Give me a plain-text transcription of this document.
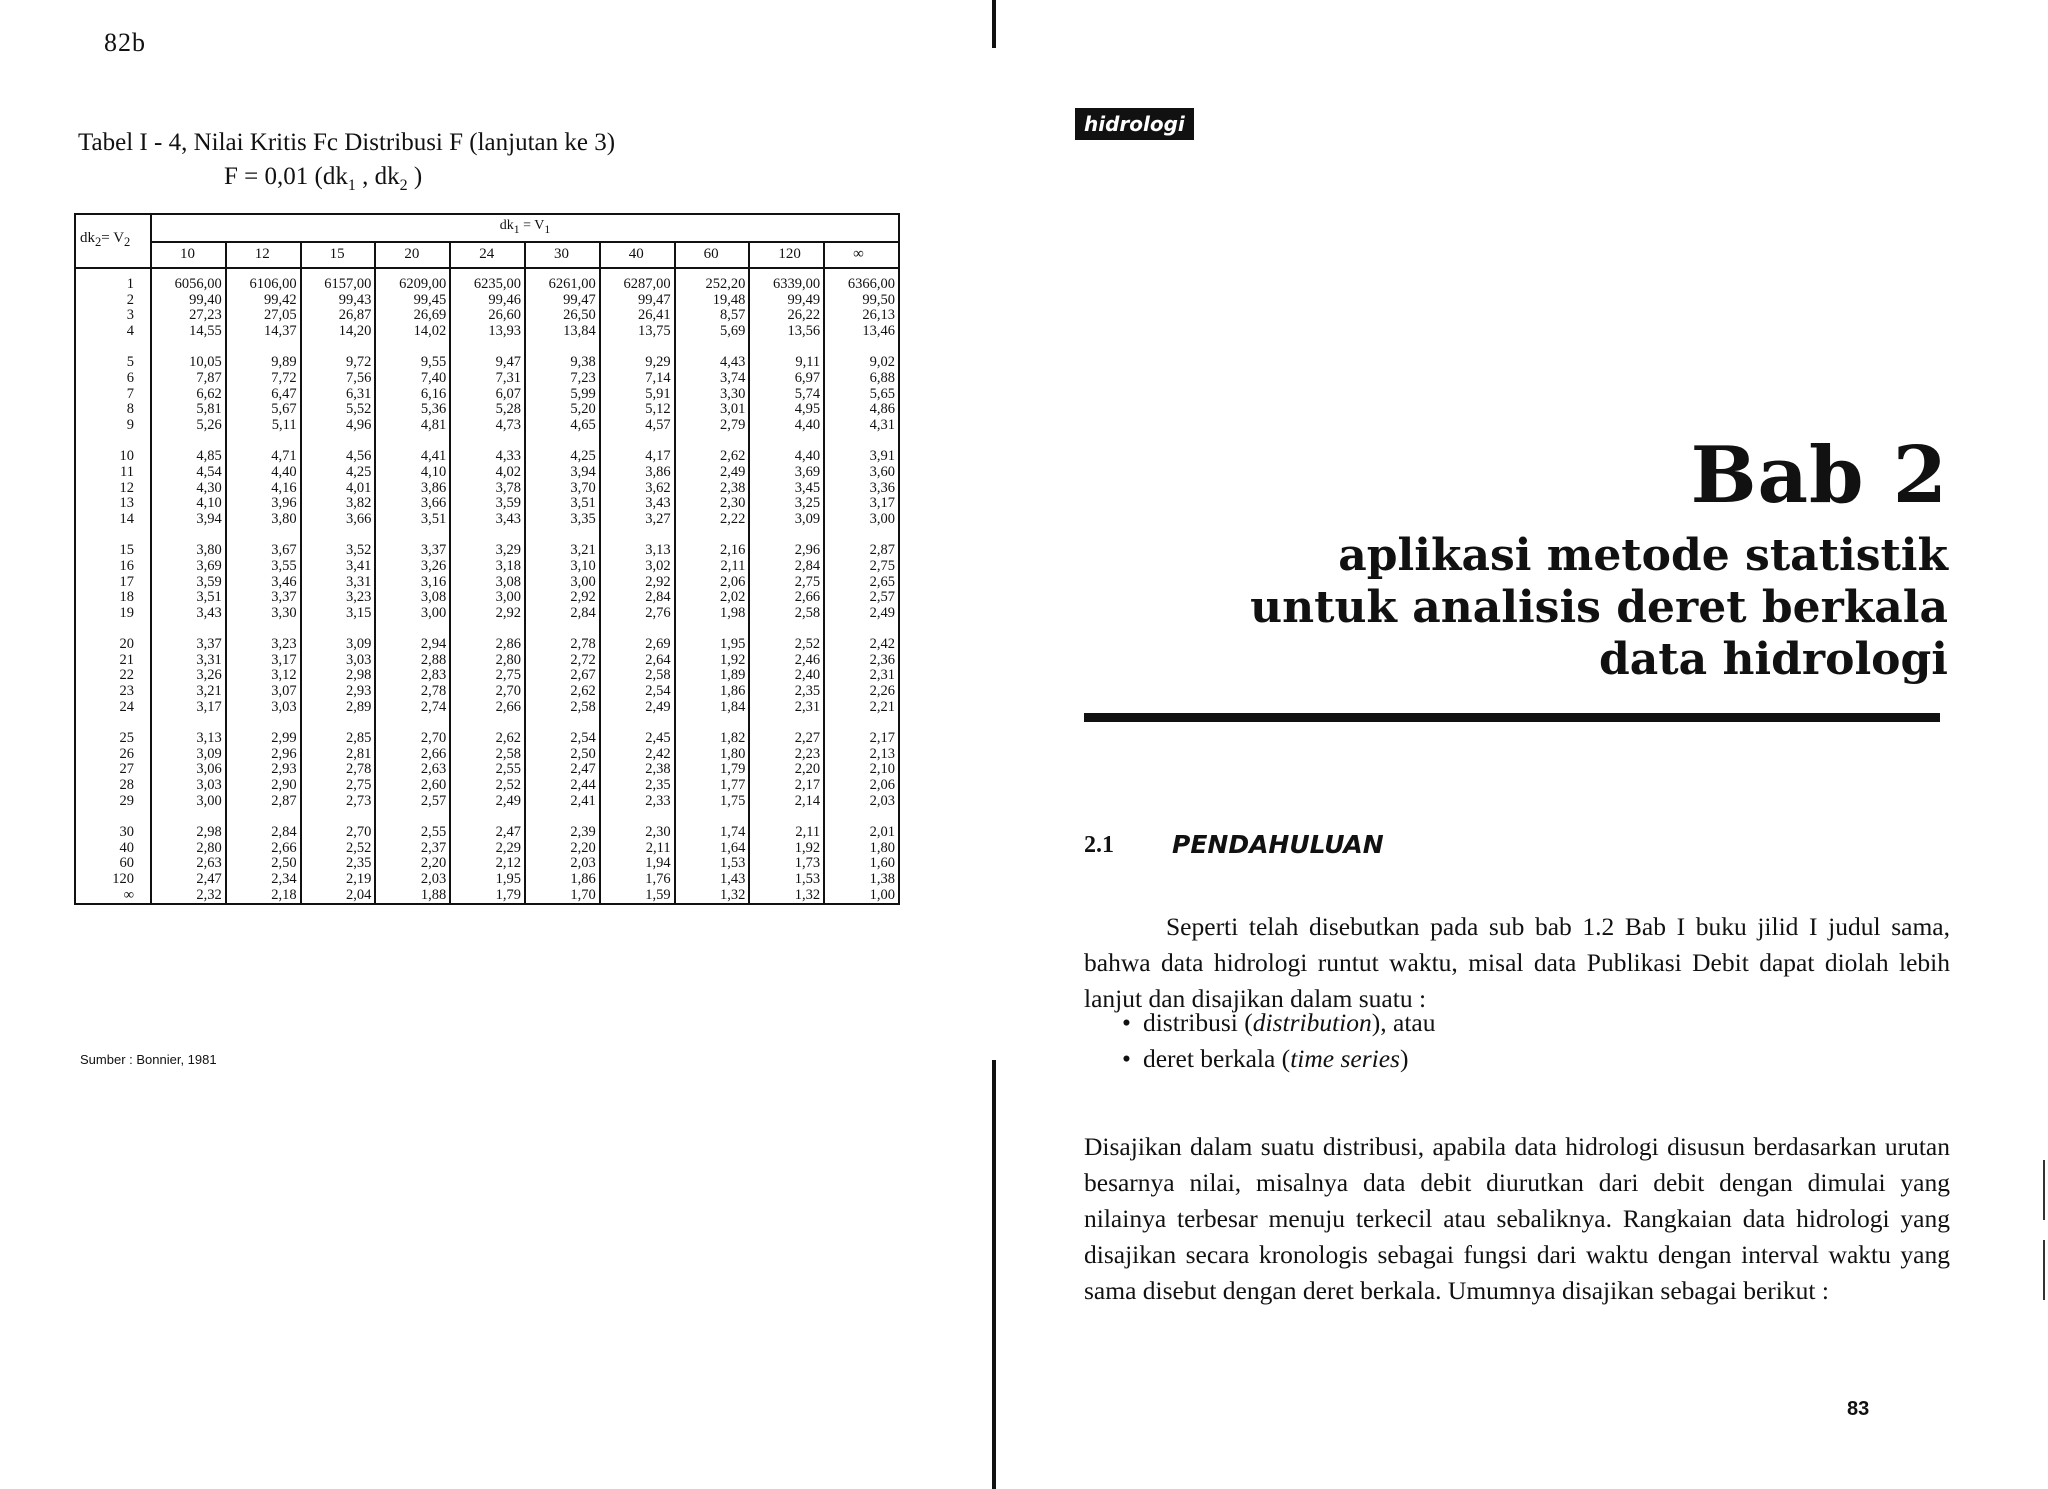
82b
Tabel I - 4, Nilai Kritis Fc Distribusi F (lanjutan ke 3)
F = 0,01 ($dk_1$ , $dk_2$ )
$dk_2= V_2$	$dk_1 = V_1$
	10	12	15	20	24	30	40	60	120	∞

1	6056,00	6106,00	6157,00	6209,00	6235,00	6261,00	6287,00	252,20	6339,00	6366,00
2	99,40	99,42	99,43	99,45	99,46	99,47	99,47	19,48	99,49	99,50
3	27,23	27,05	26,87	26,69	26,60	26,50	26,41	8,57	26,22	26,13
4	14,55	14,37	14,20	14,02	13,93	13,84	13,75	5,69	13,56	13,46

5	10,05	9,89	9,72	9,55	9,47	9,38	9,29	4,43	9,11	9,02
6	7,87	7,72	7,56	7,40	7,31	7,23	7,14	3,74	6,97	6,88
7	6,62	6,47	6,31	6,16	6,07	5,99	5,91	3,30	5,74	5,65
8	5,81	5,67	5,52	5,36	5,28	5,20	5,12	3,01	4,95	4,86
9	5,26	5,11	4,96	4,81	4,73	4,65	4,57	2,79	4,40	4,31

10	4,85	4,71	4,56	4,41	4,33	4,25	4,17	2,62	4,40	3,91
11	4,54	4,40	4,25	4,10	4,02	3,94	3,86	2,49	3,69	3,60
12	4,30	4,16	4,01	3,86	3,78	3,70	3,62	2,38	3,45	3,36
13	4,10	3,96	3,82	3,66	3,59	3,51	3,43	2,30	3,25	3,17
14	3,94	3,80	3,66	3,51	3,43	3,35	3,27	2,22	3,09	3,00

15	3,80	3,67	3,52	3,37	3,29	3,21	3,13	2,16	2,96	2,87
16	3,69	3,55	3,41	3,26	3,18	3,10	3,02	2,11	2,84	2,75
17	3,59	3,46	3,31	3,16	3,08	3,00	2,92	2,06	2,75	2,65
18	3,51	3,37	3,23	3,08	3,00	2,92	2,84	2,02	2,66	2,57
19	3,43	3,30	3,15	3,00	2,92	2,84	2,76	1,98	2,58	2,49

20	3,37	3,23	3,09	2,94	2,86	2,78	2,69	1,95	2,52	2,42
21	3,31	3,17	3,03	2,88	2,80	2,72	2,64	1,92	2,46	2,36
22	3,26	3,12	2,98	2,83	2,75	2,67	2,58	1,89	2,40	2,31
23	3,21	3,07	2,93	2,78	2,70	2,62	2,54	1,86	2,35	2,26
24	3,17	3,03	2,89	2,74	2,66	2,58	2,49	1,84	2,31	2,21

25	3,13	2,99	2,85	2,70	2,62	2,54	2,45	1,82	2,27	2,17
26	3,09	2,96	2,81	2,66	2,58	2,50	2,42	1,80	2,23	2,13
27	3,06	2,93	2,78	2,63	2,55	2,47	2,38	1,79	2,20	2,10
28	3,03	2,90	2,75	2,60	2,52	2,44	2,35	1,77	2,17	2,06
29	3,00	2,87	2,73	2,57	2,49	2,41	2,33	1,75	2,14	2,03

30	2,98	2,84	2,70	2,55	2,47	2,39	2,30	1,74	2,11	2,01
40	2,80	2,66	2,52	2,37	2,29	2,20	2,11	1,64	1,92	1,80
60	2,63	2,50	2,35	2,20	2,12	2,03	1,94	1,53	1,73	1,60
120	2,47	2,34	2,19	2,03	1,95	1,86	1,76	1,43	1,53	1,38
∞	2,32	2,18	2,04	1,88	1,79	1,70	1,59	1,32	1,32	1,00
Sumber : Bonnier, 1981
hidrologi
Bab 2
aplikasi metode statistik
untuk analisis deret berkala
data hidrologi
2.1 PENDAHULUAN

Seperti telah disebutkan pada sub bab 1.2 Bab I buku jilid I judul sama, bahwa data hidrologi runtut waktu, misal data Publikasi Debit dapat diolah lebih lanjut dan disajikan dalam suatu :

• distribusi (distribution), atau
• deret berkala (time series)

Disajikan dalam suatu distribusi, apabila data hidrologi disusun berdasarkan urutan besarnya nilai, misalnya data debit diurutkan dari debit dengan dimulai yang nilainya terbesar menuju terkecil atau sebaliknya. Rangkaian data hidrologi yang disajikan secara kronologis sebagai fungsi dari waktu dengan interval waktu yang sama disebut dengan deret berkala. Umumnya disajikan sebagai berikut :

83
